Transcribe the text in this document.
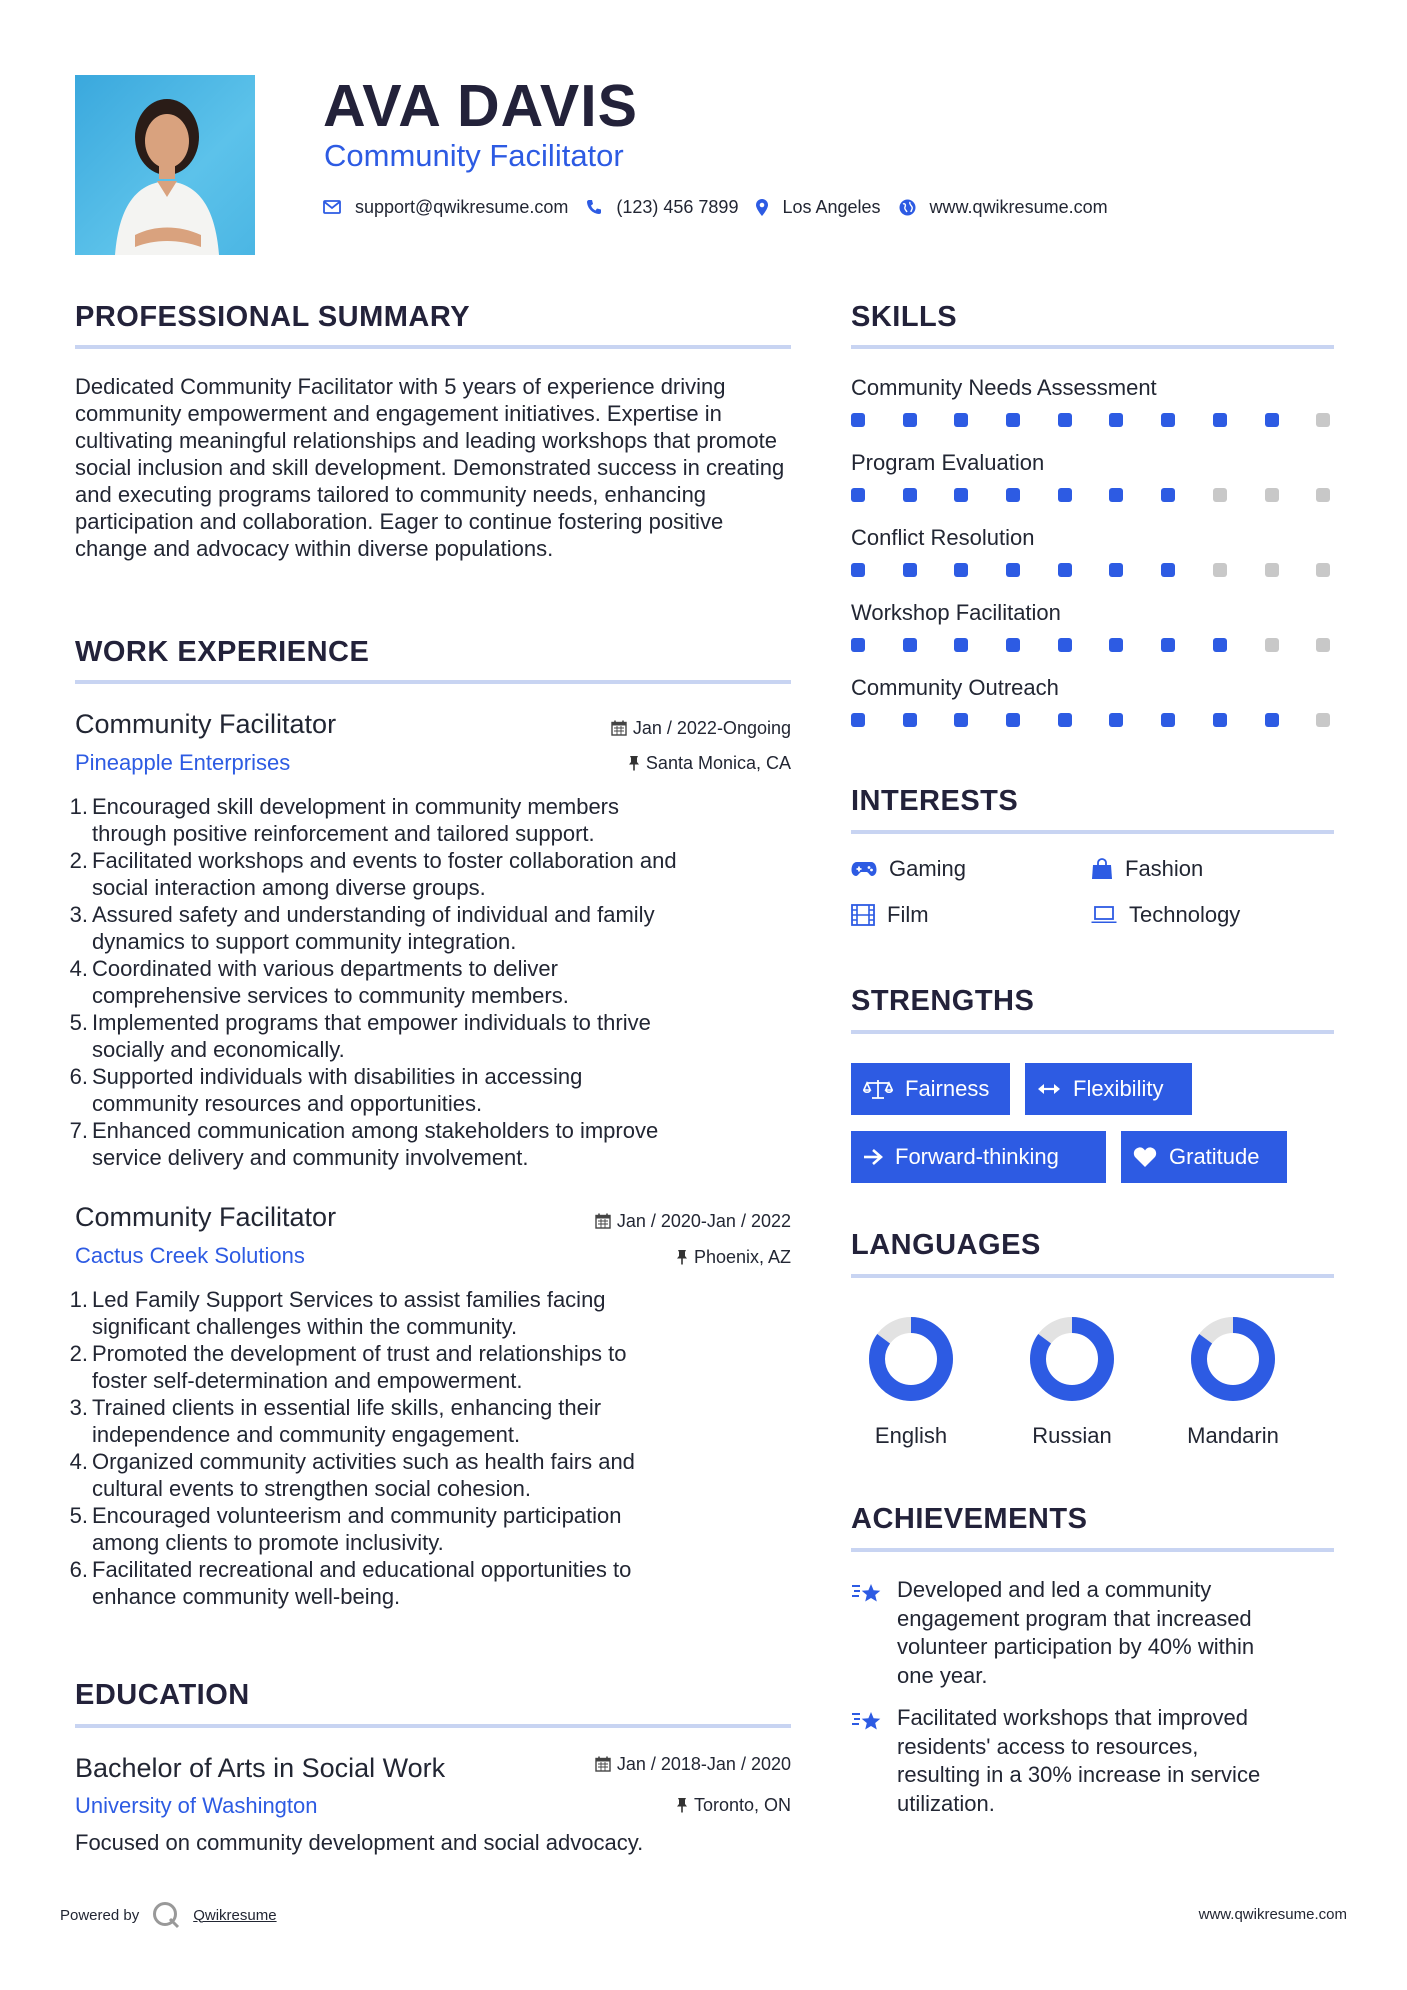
AVA DAVIS
Community Facilitator
support@qwikresume.com	(123) 456 7899 Los Angeles	www.qwikresume.com
PROFESSIONAL SUMMARY
Dedicated Community Facilitator with 5 years of experience driving community empowerment and engagement initiatives. Expertise in cultivating meaningful relationships and leading workshops that promote social inclusion and skill development. Demonstrated success in creating and executing programs tailored to community needs, enhancing participation and collaboration. Eager to continue fostering positive change and advocacy within diverse populations.
WORK EXPERIENCE
Community Facilitator	Jan / 2022-Ongoing
Pineapple Enterprises	Santa Monica, CA
1. Encouraged skill development in community members
through positive reinforcement and tailored support.
2. Facilitated workshops and events to foster collaboration and
social interaction among diverse groups.
3. Assured safety and understanding of individual and family
dynamics to support community integration.
4. Coordinated with various departments to deliver
comprehensive services to community members.
5. Implemented programs that empower individuals to thrive
socially and economically.
6. Supported individuals with disabilities in accessing
community resources and opportunities.
7. Enhanced communication among stakeholders to improve
service delivery and community involvement.
Community Facilitator	Jan / 2020-Jan / 2022
Cactus Creek Solutions	Phoenix, AZ
1. Led Family Support Services to assist families facing
significant challenges within the community.
2. Promoted the development of trust and relationships to
foster self-determination and empowerment.
3. Trained clients in essential life skills, enhancing their
independence and community engagement.
4. Organized community activities such as health fairs and
cultural events to strengthen social cohesion.
5. Encouraged volunteerism and community participation
among clients to promote inclusivity.
6. Facilitated recreational and educational opportunities to
enhance community well-being.
EDUCATION
Bachelor of Arts in Social Work	Jan / 2018-Jan / 2020
University of Washington	Toronto, ON
Focused on community development and social advocacy.
SKILLS
Community Needs Assessment
Program Evaluation
Conflict Resolution
Workshop Facilitation
Community Outreach
INTERESTS
Gaming	Fashion
Film	Technology
STRENGTHS
Fairness	Flexibility
Forward-thinking	Gratitude
LANGUAGES
English	Russian	Mandarin
ACHIEVEMENTS
Developed and led a community
engagement program that increased
volunteer participation by 40% within
one year.
Facilitated workshops that improved
residents' access to resources,
resulting in a 30% increase in service
utilization.
Powered by	Qwikresume	www.qwikresume.com
